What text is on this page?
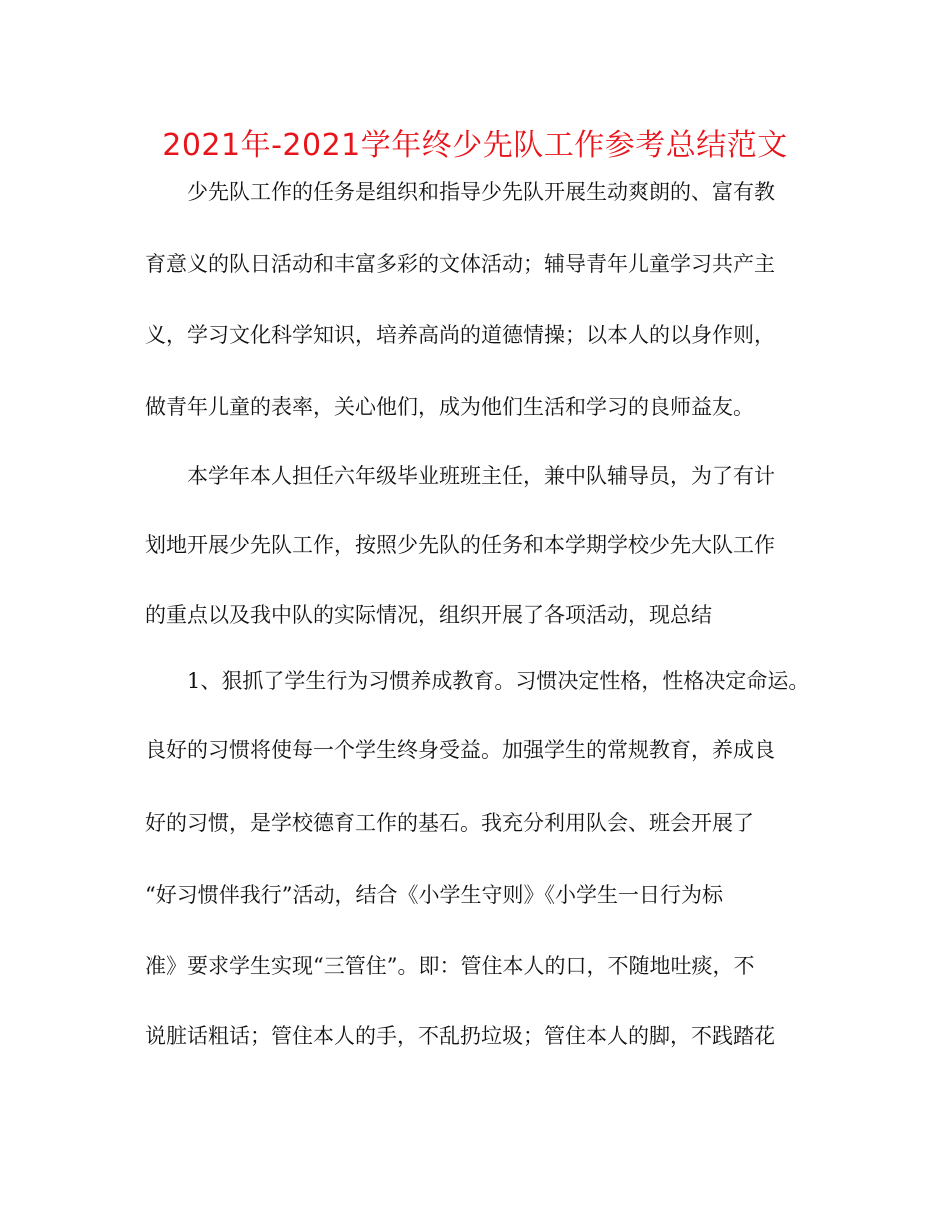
2021年-2021学年终少先队工作参考总结范文
　　少先队工作的任务是组织和指导少先队开展生动爽朗的、富有教
育意义的队日活动和丰富多彩的文体活动；辅导青年儿童学习共产主
义，学习文化科学知识，培养高尚的道德情操；以本人的以身作则，
做青年儿童的表率，关心他们，成为他们生活和学习的良师益友。
　　本学年本人担任六年级毕业班班主任，兼中队辅导员，为了有计
划地开展少先队工作，按照少先队的任务和本学期学校少先大队工作
的重点以及我中队的实际情况，组织开展了各项活动，现总结
　　1、狠抓了学生行为习惯养成教育。习惯决定性格，性格决定命运。
良好的习惯将使每一个学生终身受益。加强学生的常规教育，养成良
好的习惯，是学校德育工作的基石。我充分利用队会、班会开展了
“好习惯伴我行”活动，结合《小学生守则》《小学生一日行为标
准》要求学生实现“三管住”。即：管住本人的口，不随地吐痰，不
说脏话粗话；管住本人的手，不乱扔垃圾；管住本人的脚，不践踏花
